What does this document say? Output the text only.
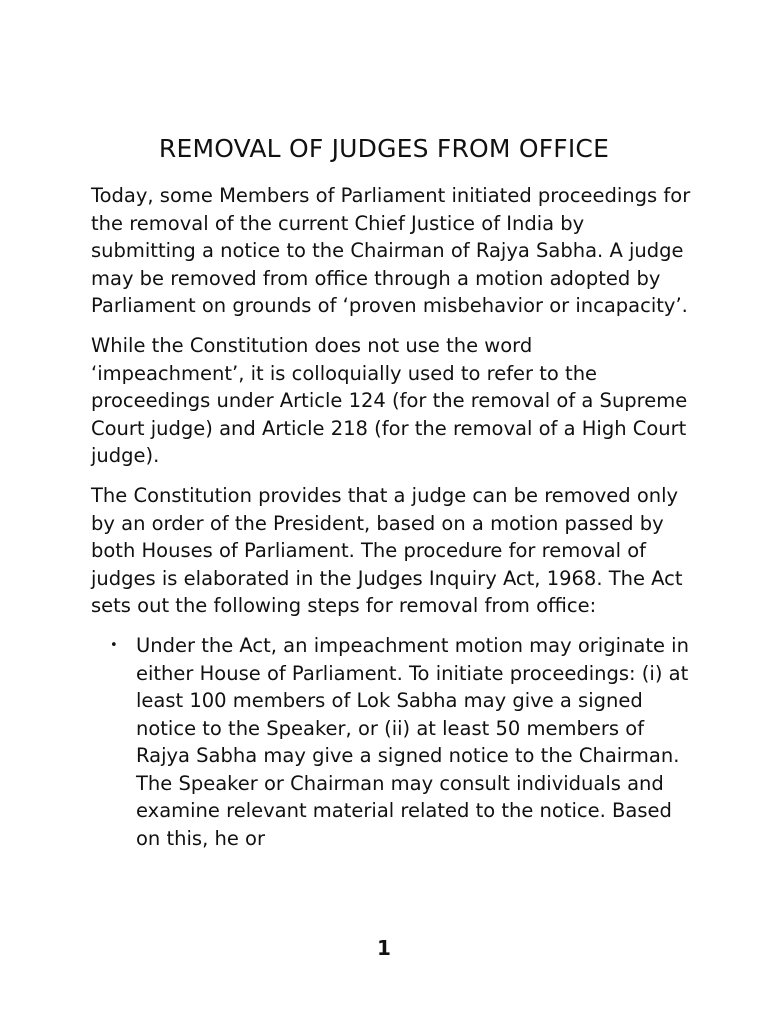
REMOVAL OF JUDGES FROM OFFICE

Today, some Members of Parliament initiated proceedings for the removal of the current Chief Justice of India by submitting a notice to the Chairman of Rajya Sabha. A judge may be removed from office through a motion adopted by Parliament on grounds of ‘proven misbehavior or incapacity’.

While the Constitution does not use the word ‘impeachment’, it is colloquially used to refer to the proceedings under Article 124 (for the removal of a Supreme Court judge) and Article 218 (for the removal of a High Court judge).

The Constitution provides that a judge can be removed only by an order of the President, based on a motion passed by both Houses of Parliament. The procedure for removal of judges is elaborated in the Judges Inquiry Act, 1968. The Act sets out the following steps for removal from office:

• Under the Act, an impeachment motion may originate in either House of Parliament. To initiate proceedings: (i) at least 100 members of Lok Sabha may give a signed notice to the Speaker, or (ii) at least 50 members of Rajya Sabha may give a signed notice to the Chairman. The Speaker or Chairman may consult individuals and examine relevant material related to the notice. Based on this, he or
1
